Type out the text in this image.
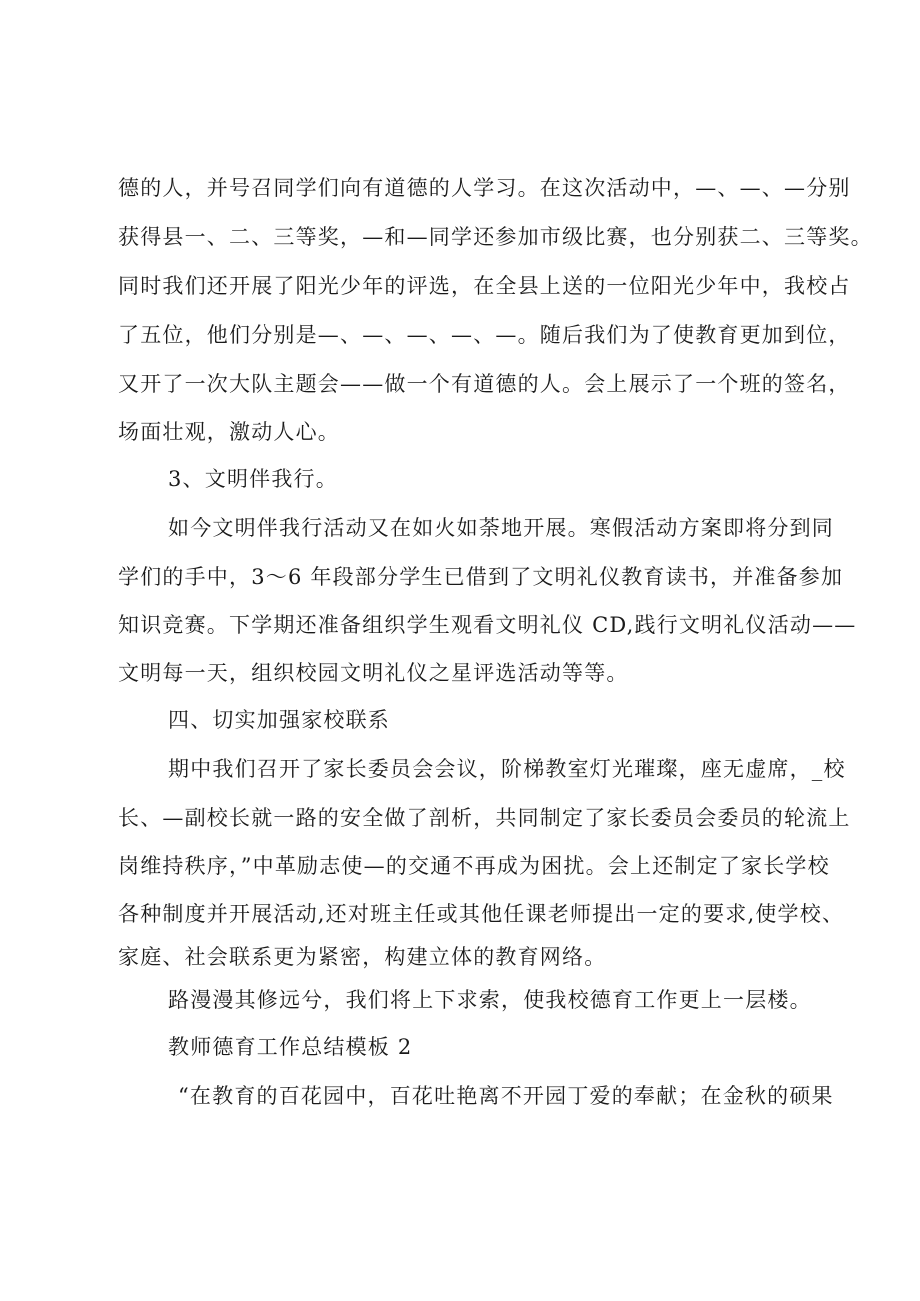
德的人，并号召同学们向有道德的人学习。在这次活动中，—、—、—分别
获得县一、二、三等奖，—和—同学还参加市级比赛，也分别获二、三等奖。
同时我们还开展了阳光少年的评选，在全县上送的一位阳光少年中，我校占
了五位，他们分别是—、—、—、—、—。随后我们为了使教育更加到位，
又开了一次大队主题会——做一个有道德的人。会上展示了一个班的签名，
场面壮观，激动人心。
3、文明伴我行。
如今文明伴我行活动又在如火如荼地开展。寒假活动方案即将分到同
学们的手中，3～6 年段部分学生已借到了文明礼仪教育读书，并准备参加
知识竞赛。下学期还准备组织学生观看文明礼仪 CD,践行文明礼仪活动——
文明每一天，组织校园文明礼仪之星评选活动等等。
四、切实加强家校联系
期中我们召开了家长委员会会议，阶梯教室灯光璀璨，座无虚席，_校
长、—副校长就一路的安全做了剖析，共同制定了家长委员会委员的轮流上
岗维持秩序，”中革励志使—的交通不再成为困扰。会上还制定了家长学校
各种制度并开展活动,还对班主任或其他任课老师提出一定的要求,使学校、
家庭、社会联系更为紧密，构建立体的教育网络。
路漫漫其修远兮，我们将上下求索，使我校德育工作更上一层楼。
教师德育工作总结模板 2
“在教育的百花园中，百花吐艳离不开园丁爱的奉献；在金秋的硕果
